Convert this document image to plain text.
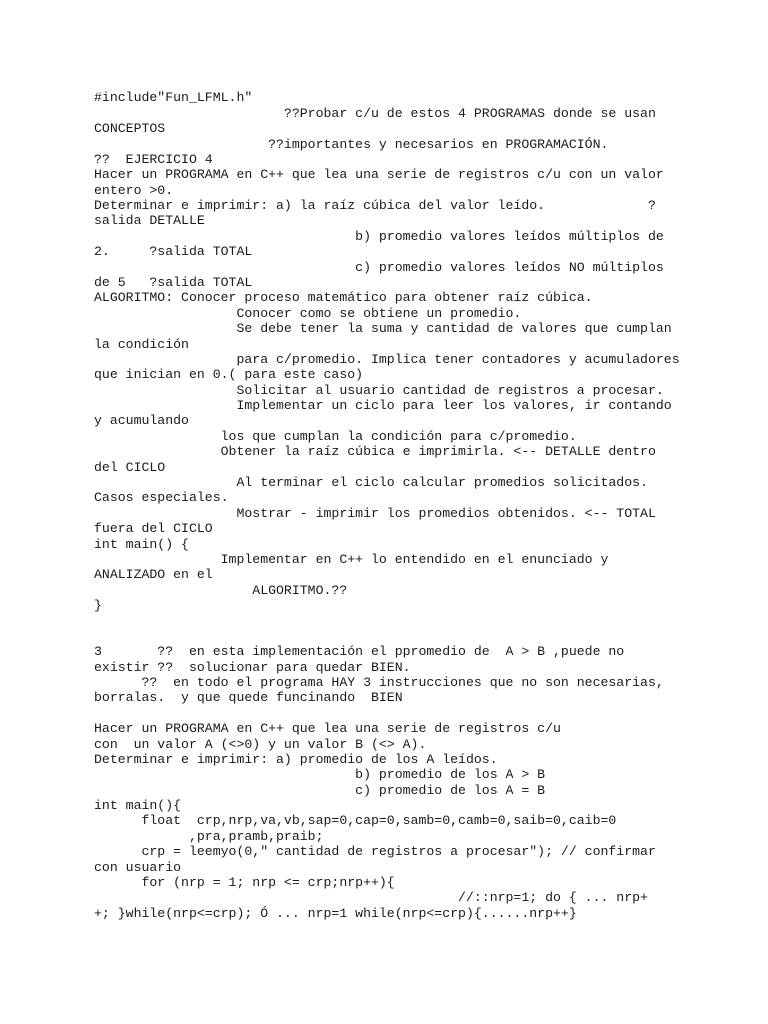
#include"Fun_LFML.h"
??Probar c/u de estos 4 PROGRAMAS donde se usan
CONCEPTOS
??importantes y necesarios en PROGRAMACIÓN.
??  EJERCICIO 4
Hacer un PROGRAMA en C++ que lea una serie de registros c/u con un valor
entero >0.
Determinar e imprimir: a) la raíz cúbica del valor leído.             ?
salida DETALLE
b) promedio valores leídos múltiplos de
2.     ?salida TOTAL
c) promedio valores leídos NO múltiplos
de 5   ?salida TOTAL
ALGORITMO: Conocer proceso matemático para obtener raíz cúbica.
Conocer como se obtiene un promedio.
Se debe tener la suma y cantidad de valores que cumplan
la condición
para c/promedio. Implica tener contadores y acumuladores
que inician en 0.( para este caso)
Solicitar al usuario cantidad de registros a procesar.
Implementar un ciclo para leer los valores, ir contando
y acumulando
los que cumplan la condición para c/promedio.
Obtener la raíz cúbica e imprimirla. <-- DETALLE dentro
del CICLO
Al terminar el ciclo calcular promedios solicitados.
Casos especiales.
Mostrar - imprimir los promedios obtenidos. <-- TOTAL
fuera del CICLO
int main() {
Implementar en C++ lo entendido en el enunciado y
ANALIZADO en el
ALGORITMO.??
}
3       ??  en esta implementación el ppromedio de  A > B ,puede no
existir ??  solucionar para quedar BIEN.
??  en todo el programa HAY 3 instrucciones que no son necesarias,
borralas.  y que quede funcinando  BIEN
Hacer un PROGRAMA en C++ que lea una serie de registros c/u
con  un valor A (<>0) y un valor B (<> A).
Determinar e imprimir: a) promedio de los A leídos.
b) promedio de los A > B
c) promedio de los A = B
int main(){
float  crp,nrp,va,vb,sap=0,cap=0,samb=0,camb=0,saib=0,caib=0
,pra,pramb,praib;
crp = leemyo(0," cantidad de registros a procesar"); // confirmar
con usuario
for (nrp = 1; nrp <= crp;nrp++){
//::nrp=1; do { ... nrp+
+; }while(nrp<=crp); Ó ... nrp=1 while(nrp<=crp){......nrp++}
